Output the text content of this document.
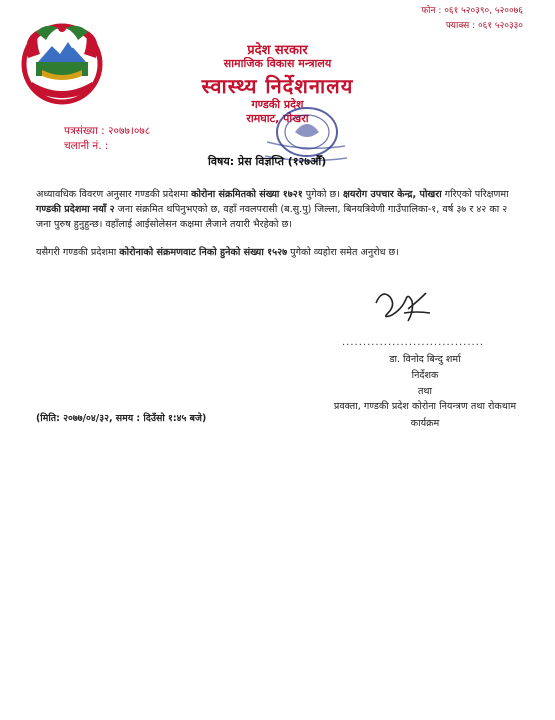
फोन : ०६१ ५२०३९०, ५२००७६
फ्याक्स : ०६१ ५२०३३०
प्रदेश सरकार
सामाजिक विकास मन्त्रालय
स्वास्थ्य निर्देशनालय
गण्डकी प्रदेश
रामघाट, पोखरा
पत्रसंख्या : २०७७।०७८
चलानी नं. :
विषय: प्रेस विज्ञप्ति (१२७औँ)
अध्यावधिक विवरण अनुसार गण्डकी प्रदेशमा कोरोना संक्रमितको संख्या १७२१ पुगेको छ। क्षयरोग उपचार केन्द्र, पोखरा गरिएको परिक्षणमा गण्डकी प्रदेशमा नयाँ २ जना संक्रमित थपिनुभएको छ, वहाँ नवलपरासी (ब.सु.पु) जिल्ला, बिनयत्रिवेणी गाउँपालिका-१, वर्ष ३७ र ४२ का २ जना पुरुष हुनुहुन्छ। वहाँलाई आईसोलेसन कक्षमा लैजाने तयारी भैरहेको छ।
यसैगरी गण्डकी प्रदेशमा कोरोनाको संक्रमणवाट निको हुनेको संख्या १५२७ पुगेको व्यहोरा समेत अनुरोध छ।
..................................
डा. विनोद बिन्दु शर्मा
निर्देशक
तथा
प्रवक्ता, गण्डकी प्रदेश कोरोना नियन्त्रण तथा रोकथाम कार्यक्रम
(मिति: २०७७/०४/३२, समय : दिउँसो १:४५ बजे)
